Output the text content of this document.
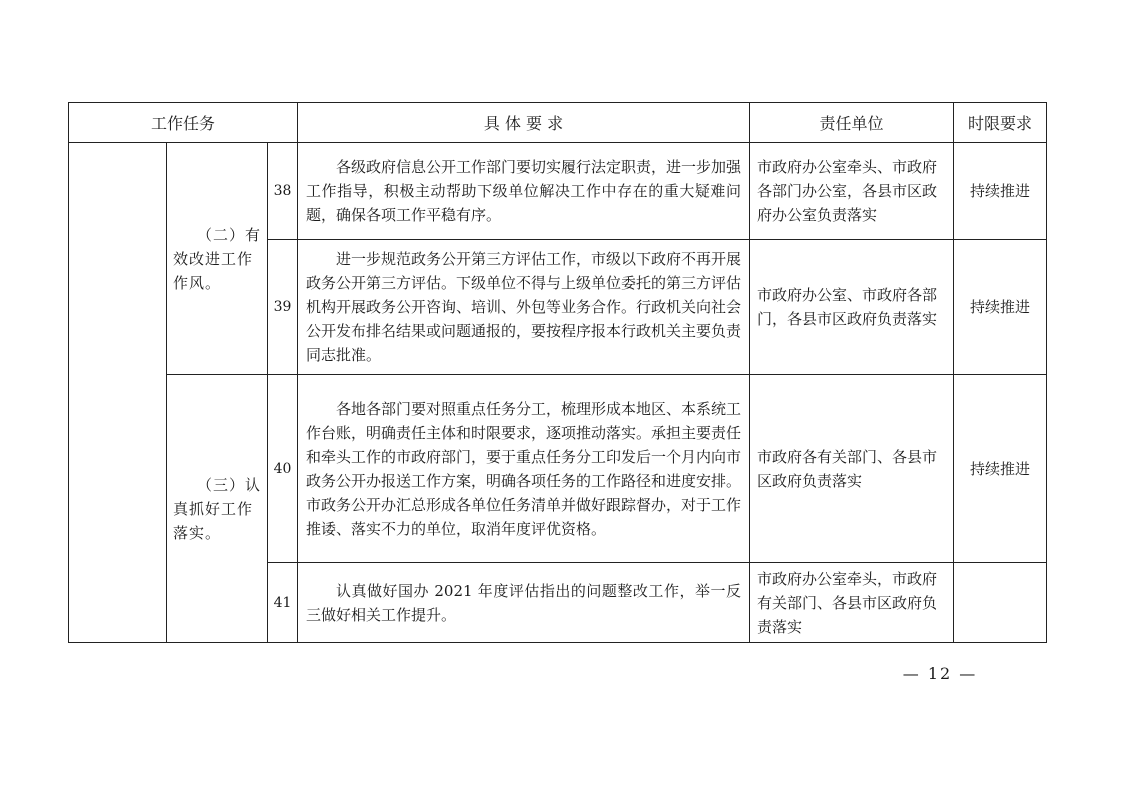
工作任务			具 体 要 求	责任单位	时限要求

	（二）有效改进工作作风。	38	各级政府信息公开工作部门要切实履行法定职责，进一步加强工作指导，积极主动帮助下级单位解决工作中存在的重大疑难问题，确保各项工作平稳有序。	市政府办公室牵头、市政府各部门办公室，各县市区政府办公室负责落实	持续推进
		39	进一步规范政务公开第三方评估工作，市级以下政府不再开展政务公开第三方评估。下级单位不得与上级单位委托的第三方评估机构开展政务公开咨询、培训、外包等业务合作。行政机关向社会公开发布排名结果或问题通报的，要按程序报本行政机关主要负责同志批准。	市政府办公室、市政府各部门，各县市区政府负责落实	持续推进

	（三）认真抓好工作落实。	40	各地各部门要对照重点任务分工，梳理形成本地区、本系统工作台账，明确责任主体和时限要求，逐项推动落实。承担主要责任和牵头工作的市政府部门，要于重点任务分工印发后一个月内向市政务公开办报送工作方案，明确各项任务的工作路径和进度安排。市政务公开办汇总形成各单位任务清单并做好跟踪督办，对于工作推诿、落实不力的单位，取消年度评优资格。	市政府各有关部门、各县市区政府负责落实	持续推进
		41	认真做好国办 2021 年度评估指出的问题整改工作，举一反三做好相关工作提升。	市政府办公室牵头，市政府有关部门、各县市区政府负责落实	
— 12 —
